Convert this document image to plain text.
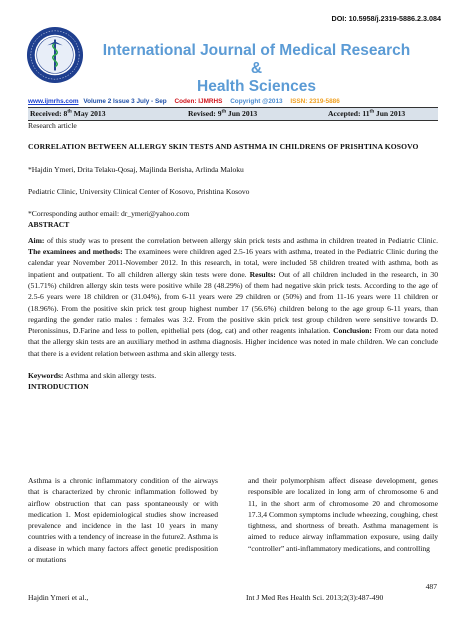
DOI: 10.5958/j.2319-5886.2.3.084
International Journal of Medical Research
&
Health Sciences
www.ijmrhs.com Volume 2 Issue 3 July - Sep Coden: IJMRHS Copyright @2013 ISSN: 2319-5886
Received: 8th May 2013	Revised: 9th Jun 2013	Accepted: 11th Jun 2013

Research article

CORRELATION BETWEEN ALLERGY SKIN TESTS AND ASTHMA IN CHILDRENS OF PRISHTINA KOSOVO

*Hajdin Ymeri, Drita Telaku-Qosaj, Majlinda Berisha, Arlinda Maloku

Pediatric Clinic, University Clinical Center of Kosovo, Prishtina Kosovo

*Corresponding author email: dr_ymeri@yahoo.com

ABSTRACT

Aim: of this study was to present the correlation between allergy skin prick tests and asthma in children treated in Pediatric Clinic. The examinees and methods: The examinees were children aged 2.5-16 years with asthma, treated in the Pediatric Clinic during the calendar year November 2011-November 2012. In this research, in total, were included 58 children treated with asthma, both as inpatient and outpatient. To all children allergy skin tests were done. Results: Out of all children included in the research, in 30 (51.71%) children allergy skin tests were positive while 28 (48.29%) of them had negative skin prick tests. According to the age of 2.5-6 years were 18 children or (31.04%), from 6-11 years were 29 children or (50%) and from 11-16 years were 11 children or (18.96%). From the positive skin prick test group highest number 17 (56.6%) children belong to the age group 6-11 years, than regarding the gender ratio males : females was 3:2. From the positive skin prick test group children were sensitive towards D. Pteronissinus, D.Farine and less to pollen, epithelial pets (dog, cat) and other reagents inhalation. Conclusion: From our data noted that the allergy skin tests are an auxiliary method in asthma diagnosis. Higher incidence was noted in male children. We can conclude that there is a evident relation between asthma and skin allergy tests.

Keywords: Asthma and skin allergy tests.

INTRODUCTION

Asthma is a chronic inflammatory condition of the airways that is characterized by chronic inflammation followed by airflow obstruction that can pass spontaneously or with medication 1. Most epidemiological studies show increased prevalence and incidence in the last 10 years in many countries with a tendency of increase in the future2. Asthma is a disease in which many factors affect genetic predisposition or mutations

and their polymorphism affect disease development, genes responsible are localized in long arm of chromosome 6 and 11, in the short arm of chromosome 20 and chromosome 17.3,4 Common symptoms include wheezing, coughing, chest tightness, and shortness of breath. Asthma management is aimed to reduce airway inflammation exposure, using daily “controller” anti-inflammatory medications, and controlling

487
Hajdin Ymeri et al.,	Int J Med Res Health Sci. 2013;2(3):487-490
